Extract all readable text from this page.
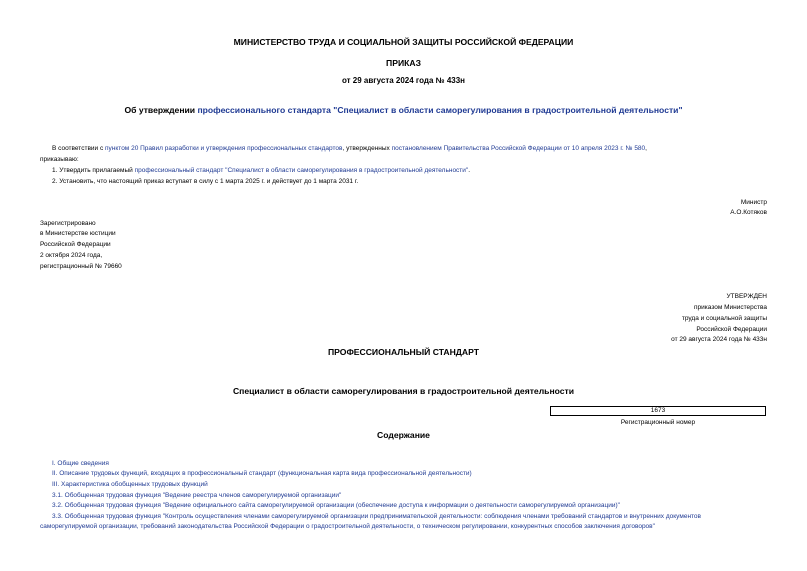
МИНИСТЕРСТВО ТРУДА И СОЦИАЛЬНОЙ ЗАЩИТЫ РОССИЙСКОЙ ФЕДЕРАЦИИ
ПРИКАЗ
от 29 августа 2024 года № 433н
Об утверждении профессионального стандарта "Специалист в области саморегулирования в градостроительной деятельности"
В соответствии с пунктом 20 Правил разработки и утверждения профессиональных стандартов, утвержденных постановлением Правительства Российской Федерации от 10 апреля 2023 г. № 580,
приказываю:
1. Утвердить прилагаемый профессиональный стандарт "Специалист в области саморегулирования в градостроительной деятельности".
2. Установить, что настоящий приказ вступает в силу с 1 марта 2025 г. и действует до 1 марта 2031 г.
Министр
А.О.Котяков
Зарегистрировано
в Министерстве юстиции
Российской Федерации
2 октября 2024 года,
регистрационный № 79660
УТВЕРЖДЕН
приказом Министерства
труда и социальной защиты
Российской Федерации
от 29 августа 2024 года № 433н
ПРОФЕССИОНАЛЬНЫЙ СТАНДАРТ
Специалист в области саморегулирования в градостроительной деятельности
1673
Регистрационный номер
Содержание
I. Общие сведения
II. Описание трудовых функций, входящих в профессиональный стандарт (функциональная карта вида профессиональной деятельности)
III. Характеристика обобщенных трудовых функций
3.1. Обобщенная трудовая функция "Ведение реестра членов саморегулируемой организации"
3.2. Обобщенная трудовая функция "Ведение официального сайта саморегулируемой организации (обеспечение доступа к информации о деятельности саморегулируемой организации)"
3.3. Обобщенная трудовая функция "Контроль осуществления членами саморегулируемой организации предпринимательской деятельности: соблюдения членами требований стандартов и внутренних документов
саморегулируемой организации, требований законодательства Российской Федерации о градостроительной деятельности, о техническом регулировании, конкурентных способов заключения договоров"
